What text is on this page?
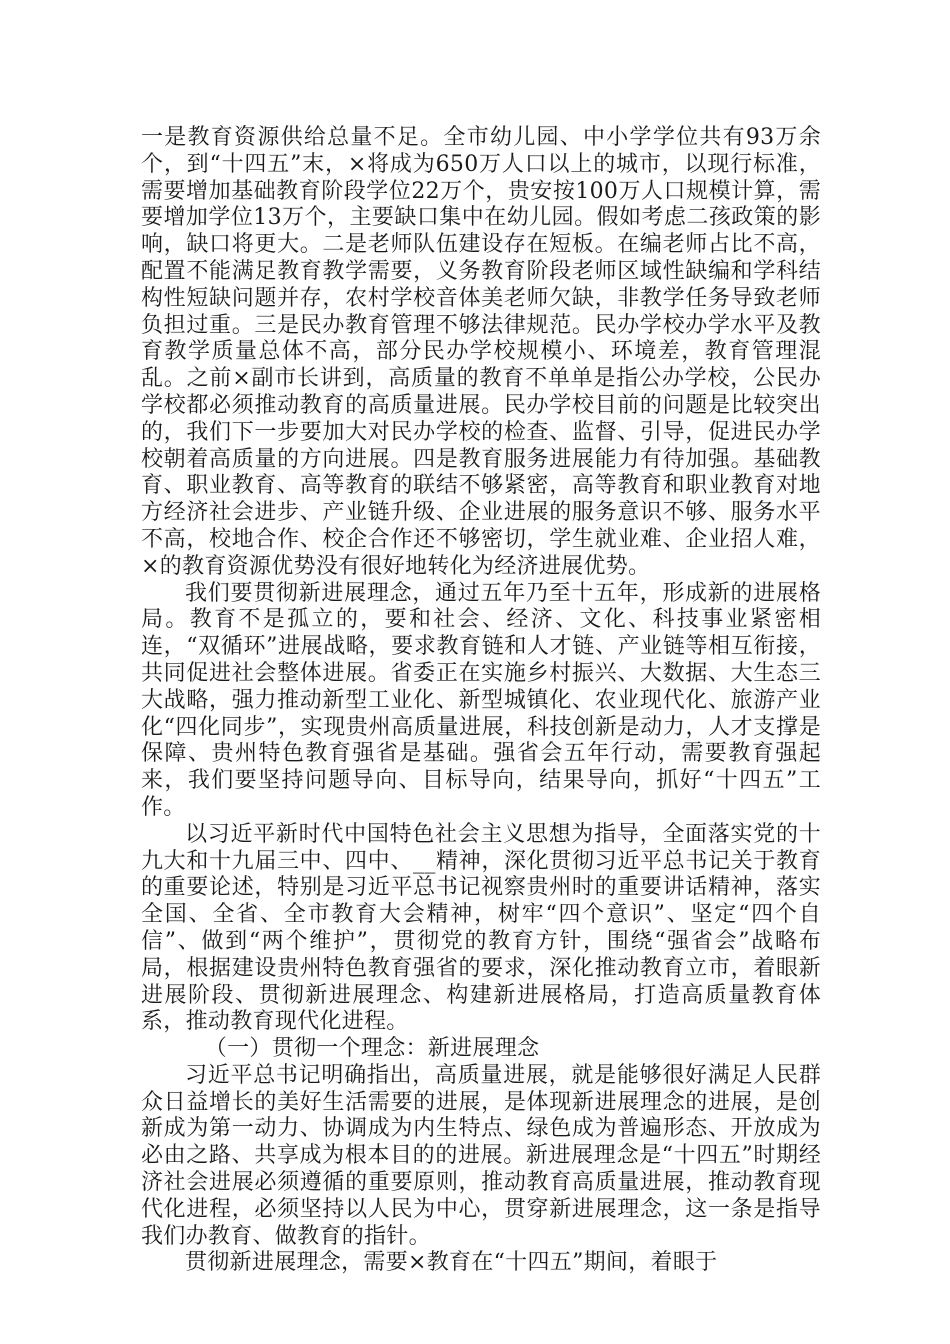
一是教育资源供给总量不足。全市幼儿园、中小学学位共有93万余个，到“十四五”末，×将成为650万人口以上的城市，以现行标准，需要增加基础教育阶段学位22万个，贵安按100万人口规模计算，需要增加学位13万个，主要缺口集中在幼儿园。假如考虑二孩政策的影响，缺口将更大。二是老师队伍建设存在短板。在编老师占比不高，配置不能满足教育教学需要，义务教育阶段老师区域性缺编和学科结构性短缺问题并存，农村学校音体美老师欠缺，非教学任务导致老师负担过重。三是民办教育管理不够法律规范。民办学校办学水平及教育教学质量总体不高，部分民办学校规模小、环境差，教育管理混乱。之前×副市长讲到，高质量的教育不单单是指公办学校，公民办学校都必须推动教育的高质量进展。民办学校目前的问题是比较突出的，我们下一步要加大对民办学校的检查、监督、引导，促进民办学校朝着高质量的方向进展。四是教育服务进展能力有待加强。基础教育、职业教育、高等教育的联结不够紧密，高等教育和职业教育对地方经济社会进步、产业链升级、企业进展的服务意识不够、服务水平不高，校地合作、校企合作还不够密切，学生就业难、企业招人难，×的教育资源优势没有很好地转化为经济进展优势。

我们要贯彻新进展理念，通过五年乃至十五年，形成新的进展格局。教育不是孤立的，要和社会、经济、文化、科技事业紧密相连，“双循环”进展战略，要求教育链和人才链、产业链等相互衔接，共同促进社会整体进展。省委正在实施乡村振兴、大数据、大生态三大战略，强力推动新型工业化、新型城镇化、农业现代化、旅游产业化“四化同步”，实现贵州高质量进展，科技创新是动力，人才支撑是保障、贵州特色教育强省是基础。强省会五年行动，需要教育强起来，我们要坚持问题导向、目标导向，结果导向，抓好“十四五”工作。

以习近平新时代中国特色社会主义思想为指导，全面落实党的十九大和十九届三中、四中、__精神，深化贯彻习近平总书记关于教育的重要论述，特别是习近平总书记视察贵州时的重要讲话精神，落实全国、全省、全市教育大会精神，树牢“四个意识”、坚定“四个自信”、做到“两个维护”，贯彻党的教育方针，围绕“强省会”战略布局，根据建设贵州特色教育强省的要求，深化推动教育立市，着眼新进展阶段、贯彻新进展理念、构建新进展格局，打造高质量教育体系，推动教育现代化进程。

（一）贯彻一个理念：新进展理念

习近平总书记明确指出，高质量进展，就是能够很好满足人民群众日益增长的美好生活需要的进展，是体现新进展理念的进展，是创新成为第一动力、协调成为内生特点、绿色成为普遍形态、开放成为必由之路、共享成为根本目的的进展。新进展理念是“十四五”时期经济社会进展必须遵循的重要原则，推动教育高质量进展，推动教育现代化进程，必须坚持以人民为中心，贯穿新进展理念，这一条是指导我们办教育、做教育的指针。

贯彻新进展理念，需要×教育在“十四五”期间，着眼于
